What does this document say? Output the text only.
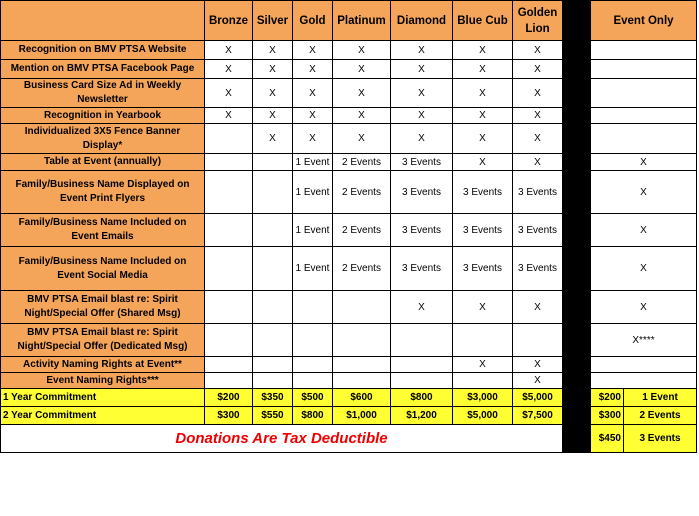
	Bronze	Silver	Gold	Platinum	Diamond	Blue Cub	Golden Lion		Event Only	
Recognition on BMV PTSA Website	X	X	X	X	X	X	X			
Mention on BMV PTSA Facebook Page	X	X	X	X	X	X	X			
Business Card Size Ad in Weekly Newsletter	X	X	X	X	X	X	X			
Recognition in Yearbook	X	X	X	X	X	X	X			
Individualized 3X5 Fence Banner Display*		X	X	X	X	X	X			
Table at Event (annually)			1 Event	2 Events	3 Events	X	X		X	
Family/Business Name Displayed on Event Print Flyers			1 Event	2 Events	3 Events	3 Events	3 Events		X	
Family/Business Name Included on Event Emails			1 Event	2 Events	3 Events	3 Events	3 Events		X	
Family/Business Name Included on Event Social Media			1 Event	2 Events	3 Events	3 Events	3 Events		X	
BMV PTSA Email blast re: Spirit Night/Special Offer (Shared Msg)					X	X	X		X	
BMV PTSA Email blast re: Spirit Night/Special Offer (Dedicated Msg)									X****	
Activity Naming Rights at Event**						X	X			
Event Naming Rights***							X			
1 Year Commitment	$200	$350	$500	$600	$800	$3,000	$5,000		$200	1 Event
2 Year Commitment	$300	$550	$800	$1,000	$1,200	$5,000	$7,500		$300	2 Events
Donations Are Tax Deductible									$450	3 Events
